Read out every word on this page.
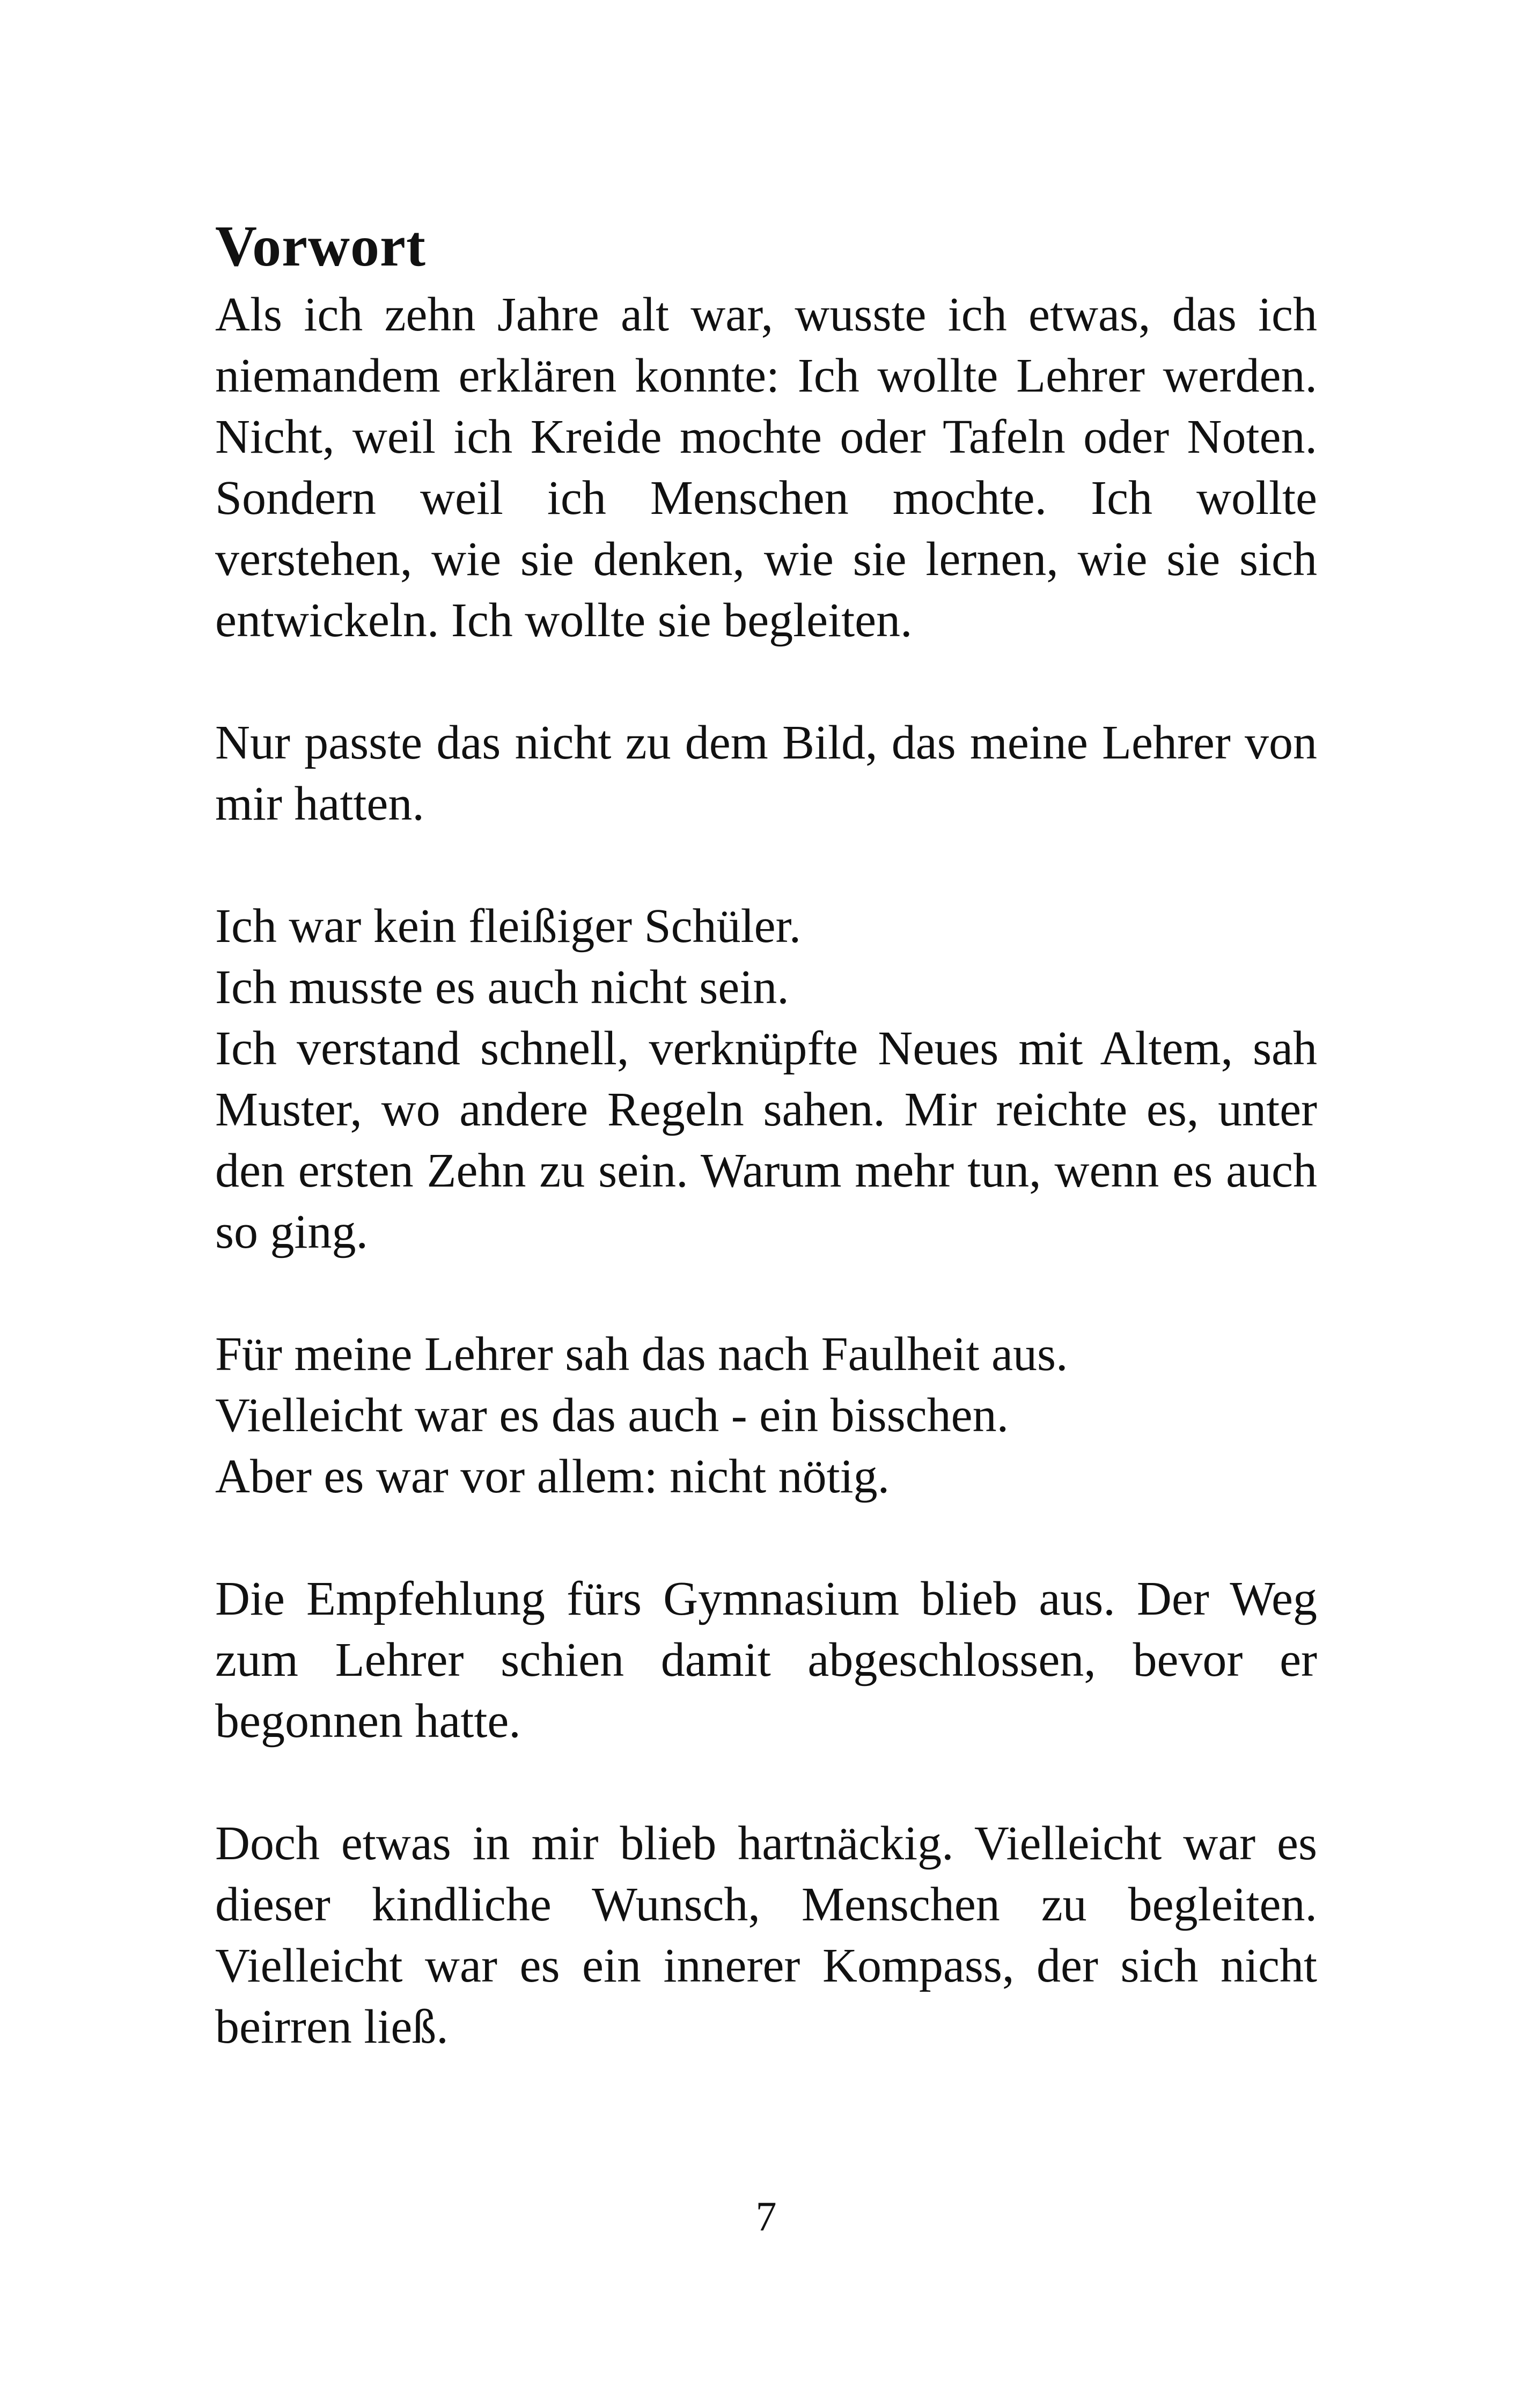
Vorwort

Als ich zehn Jahre alt war, wusste ich etwas, das ich niemandem erklären konnte: Ich wollte Lehrer werden. Nicht, weil ich Kreide mochte oder Tafeln oder Noten. Sondern weil ich Menschen mochte. Ich wollte verstehen, wie sie denken, wie sie lernen, wie sie sich entwickeln. Ich wollte sie begleiten.

Nur passte das nicht zu dem Bild, das meine Lehrer von mir hatten.

Ich war kein fleißiger Schüler.
Ich musste es auch nicht sein.
Ich verstand schnell, verknüpfte Neues mit Altem, sah Muster, wo andere Regeln sahen. Mir reichte es, unter den ersten Zehn zu sein. Warum mehr tun, wenn es auch so ging.
Für meine Lehrer sah das nach Faulheit aus.
Vielleicht war es das auch - ein bisschen.
Aber es war vor allem: nicht nötig.

Die Empfehlung fürs Gymnasium blieb aus. Der Weg zum Lehrer schien damit abgeschlossen, bevor er begonnen hatte.

Doch etwas in mir blieb hartnäckig. Vielleicht war es dieser kindliche Wunsch, Menschen zu begleiten. Vielleicht war es ein innerer Kompass, der sich nicht beirren ließ.

7
